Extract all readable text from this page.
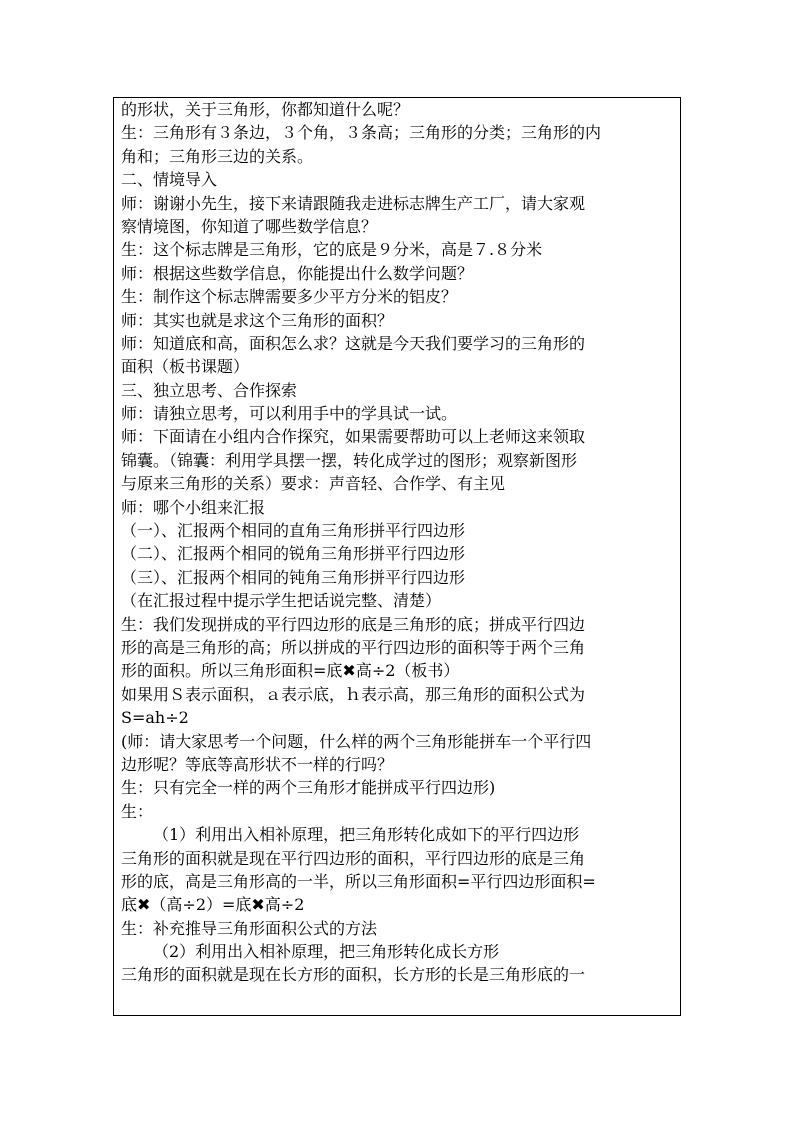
的形状，关于三角形，你都知道什么呢？
生：三角形有３条边，３个角，３条高；三角形的分类；三角形的内
角和；三角形三边的关系。
二、情境导入
师：谢谢小先生，接下来请跟随我走进标志牌生产工厂，请大家观
察情境图，你知道了哪些数学信息？
生：这个标志牌是三角形，它的底是９分米，高是７.８分米
师：根据这些数学信息，你能提出什么数学问题？
生：制作这个标志牌需要多少平方分米的铝皮？
师：其实也就是求这个三角形的面积？
师：知道底和高，面积怎么求？这就是今天我们要学习的三角形的
面积（板书课题）
三、独立思考、合作探索
师：请独立思考，可以利用手中的学具试一试。
师：下面请在小组内合作探究，如果需要帮助可以上老师这来领取
锦囊。（锦囊：利用学具摆一摆，转化成学过的图形；观察新图形
与原来三角形的关系）要求：声音轻、合作学、有主见
师：哪个小组来汇报
（一）、汇报两个相同的直角三角形拼平行四边形
（二）、汇报两个相同的锐角三角形拼平行四边形
（三）、汇报两个相同的钝角三角形拼平行四边形
（在汇报过程中提示学生把话说完整、清楚）
生：我们发现拼成的平行四边形的底是三角形的底；拼成平行四边
形的高是三角形的高；所以拼成的平行四边形的面积等于两个三角
形的面积。所以三角形面积=底✖高÷2（板书）
如果用Ｓ表示面积，ａ表示底，ｈ表示高，那三角形的面积公式为
S=ah÷2
(师：请大家思考一个问题，什么样的两个三角形能拼车一个平行四
边形呢？等底等高形状不一样的行吗？
生：只有完全一样的两个三角形才能拼成平行四边形)
生：
（1）利用出入相补原理，把三角形转化成如下的平行四边形
三角形的面积就是现在平行四边形的面积，平行四边形的底是三角
形的底，高是三角形高的一半，所以三角形面积=平行四边形面积=
底✖（高÷2）=底✖高÷2
生：补充推导三角形面积公式的方法
（2）利用出入相补原理，把三角形转化成长方形
三角形的面积就是现在长方形的面积，长方形的长是三角形底的一
